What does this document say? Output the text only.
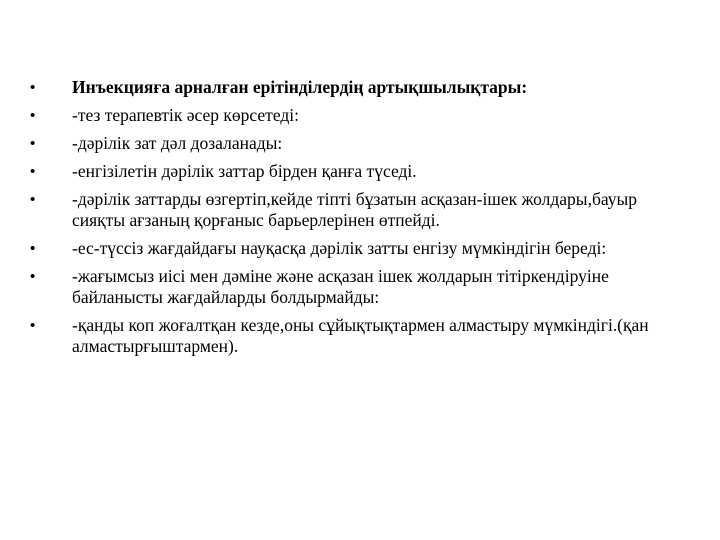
•	Инъекцияға арналған ерітінділердің артықшылықтары:
•	-тез терапевтік әсер көрсетеді:
•	-дәрілік зат дәл дозаланады:
•	-енгізілетін дәрілік заттар бірден қанға түседі.
•	-дәрілік заттарды өзгертіп,кейде тіпті бұзатын асқазан-ішек жолдары,бауыр сияқты ағзаның қорғаныс барьерлерінен өтпейді.
•	-ес-түссіз жағдайдағы науқасқа дәрілік затты енгізу мүмкіндігін береді:
•	-жағымсыз иісі мен дәміне және асқазан ішек жолдарын тітіркендіруіне байланысты жағдайларды болдырмайды:
•	-қанды коп жоғалтқан кезде,оны сұйықтықтармен алмастыру мүмкіндігі.(қан алмастырғыштармен).
